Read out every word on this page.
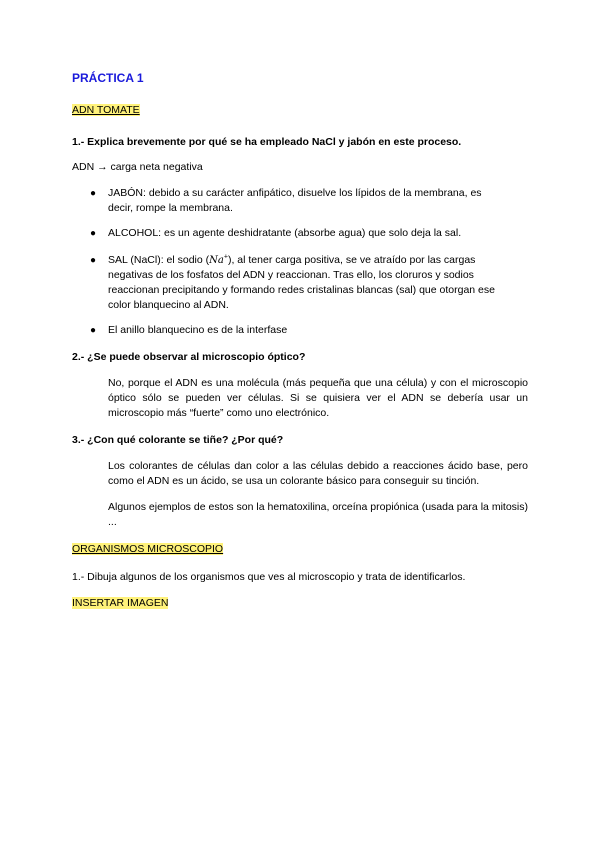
PRÁCTICA 1

ADN TOMATE

1.- Explica brevemente por qué se ha empleado NaCl y jabón en este proceso.

ADN → carga neta negativa

● JABÓN: debido a su carácter anfipático, disuelve los lípidos de la membrana, es decir, rompe la membrana.

● ALCOHOL: es un agente deshidratante (absorbe agua) que solo deja la sal.

● SAL (NaCl): el sodio (Na+), al tener carga positiva, se ve atraído por las cargas negativas de los fosfatos del ADN y reaccionan. Tras ello, los cloruros y sodios reaccionan precipitando y formando redes cristalinas blancas (sal) que otorgan ese color blanquecino al ADN.

● El anillo blanquecino es de la interfase

2.- ¿Se puede observar al microscopio óptico?

No, porque el ADN es una molécula (más pequeña que una célula) y con el microscopio óptico sólo se pueden ver células. Si se quisiera ver el ADN se debería usar un microscopio más “fuerte” como uno electrónico.

3.- ¿Con qué colorante se tiñe? ¿Por qué?

Los colorantes de células dan color a las células debido a reacciones ácido base, pero como el ADN es un ácido, se usa un colorante básico para conseguir su tinción.

Algunos ejemplos de estos son la hematoxilina, orceína propiónica (usada para la mitosis) ...

ORGANISMOS MICROSCOPIO

1.- Dibuja algunos de los organismos que ves al microscopio y trata de identificarlos.

INSERTAR IMAGEN
